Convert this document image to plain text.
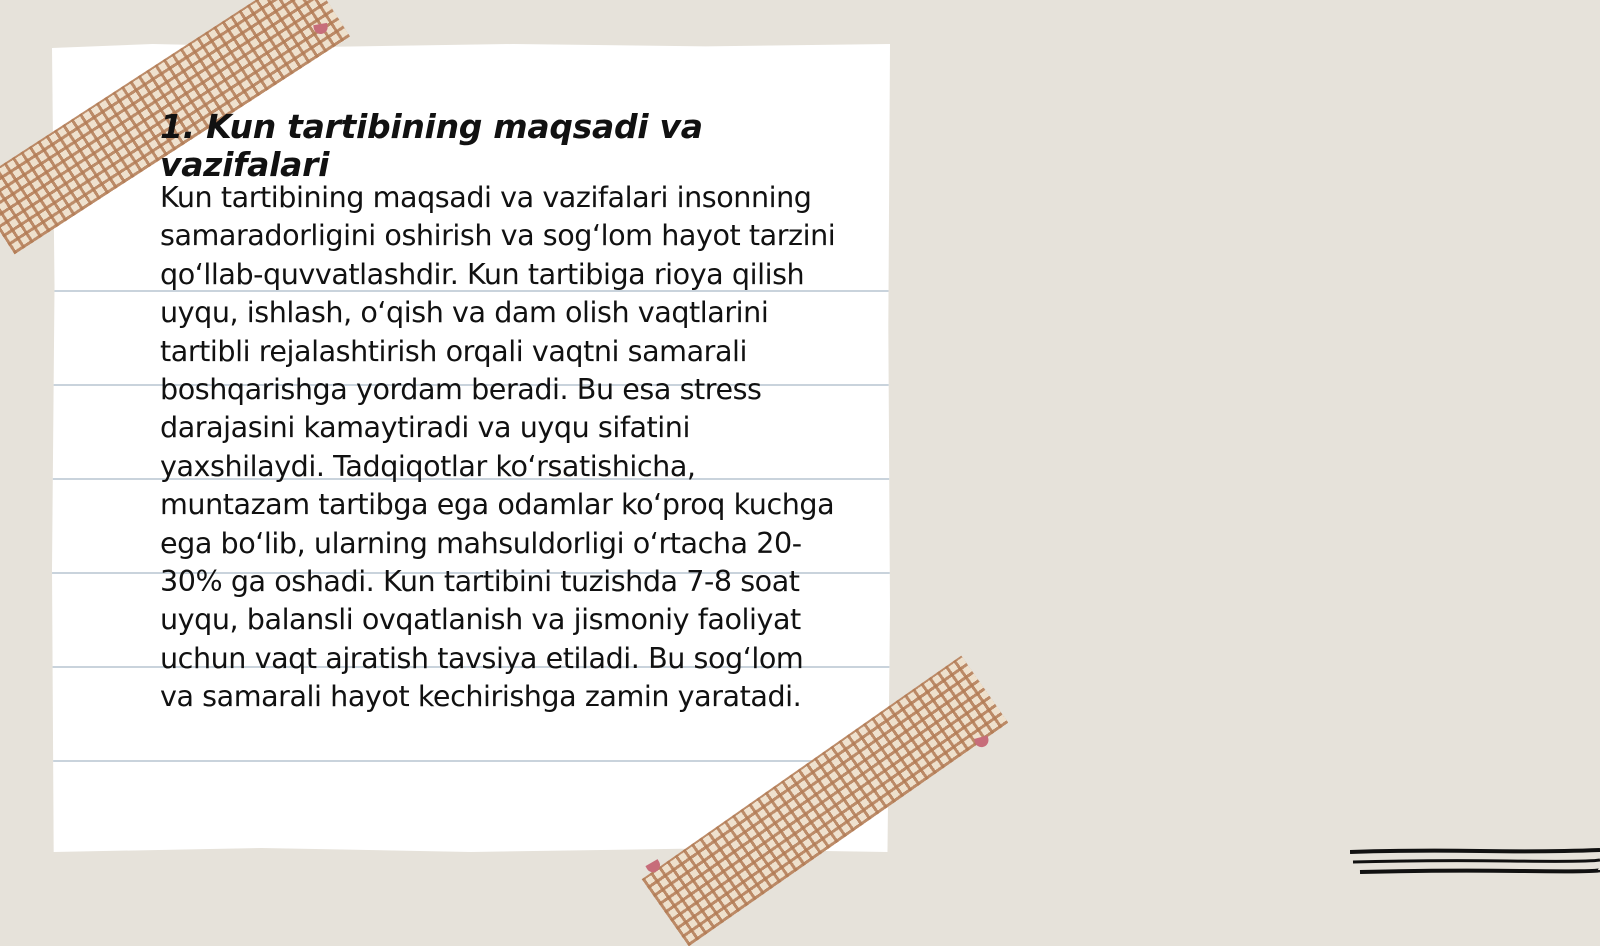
1. Kun tartibining maqsadi va vazifalari

Kun tartibining maqsadi va vazifalari insonning samaradorligini oshirish va sog‘lom hayot tarzini qo‘llab-quvvatlashdir. Kun tartibiga rioya qilish uyqu, ishlash, o‘qish va dam olish vaqtlarini tartibli rejalashtirish orqali vaqtni samarali boshqarishga yordam beradi. Bu esa stress darajasini kamaytiradi va uyqu sifatini yaxshilaydi. Tadqiqotlar ko‘rsatishicha, muntazam tartibga ega odamlar ko‘proq kuchga ega bo‘lib, ularning mahsuldorligi o‘rtacha 20-30% ga oshadi. Kun tartibini tuzishda 7-8 soat uyqu, balansli ovqatlanish va jismoniy faoliyat uchun vaqt ajratish tavsiya etiladi. Bu sog‘lom va samarali hayot kechirishga zamin yaratadi.
